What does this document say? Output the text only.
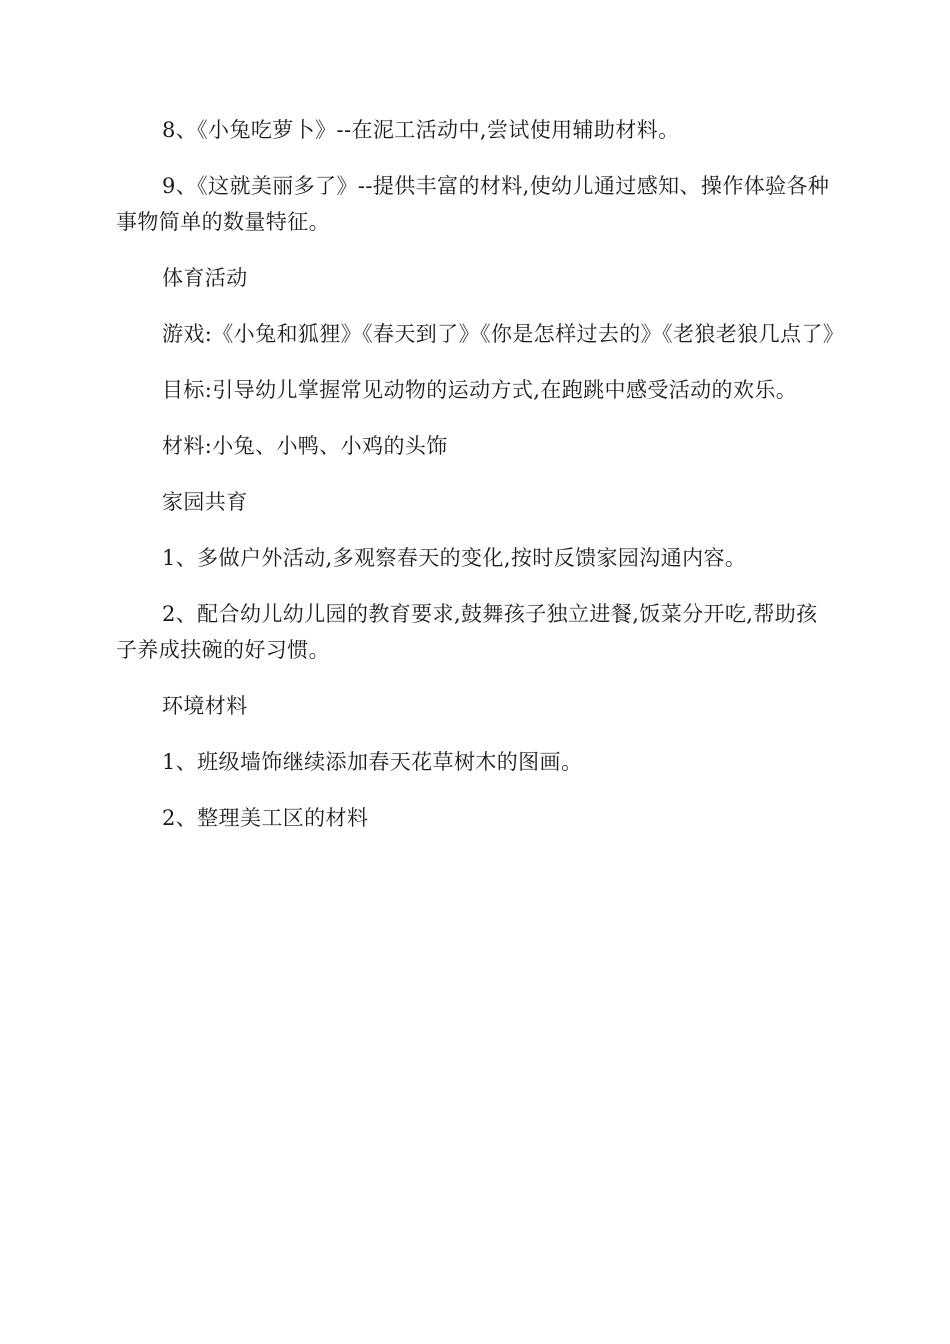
8、《小兔吃萝卜》--在泥工活动中,尝试使用辅助材料。

9、《这就美丽多了》--提供丰富的材料,使幼儿通过感知、操作体验各种事物简单的数量特征。

体育活动

游戏:《小兔和狐狸》《春天到了》《你是怎样过去的》《老狼老狼几点了》

目标:引导幼儿掌握常见动物的运动方式,在跑跳中感受活动的欢乐。

材料:小兔、小鸭、小鸡的头饰

家园共育

1、多做户外活动,多观察春天的变化,按时反馈家园沟通内容。

2、配合幼儿幼儿园的教育要求,鼓舞孩子独立进餐,饭菜分开吃,帮助孩子养成扶碗的好习惯。

环境材料

1、班级墙饰继续添加春天花草树木的图画。

2、整理美工区的材料
